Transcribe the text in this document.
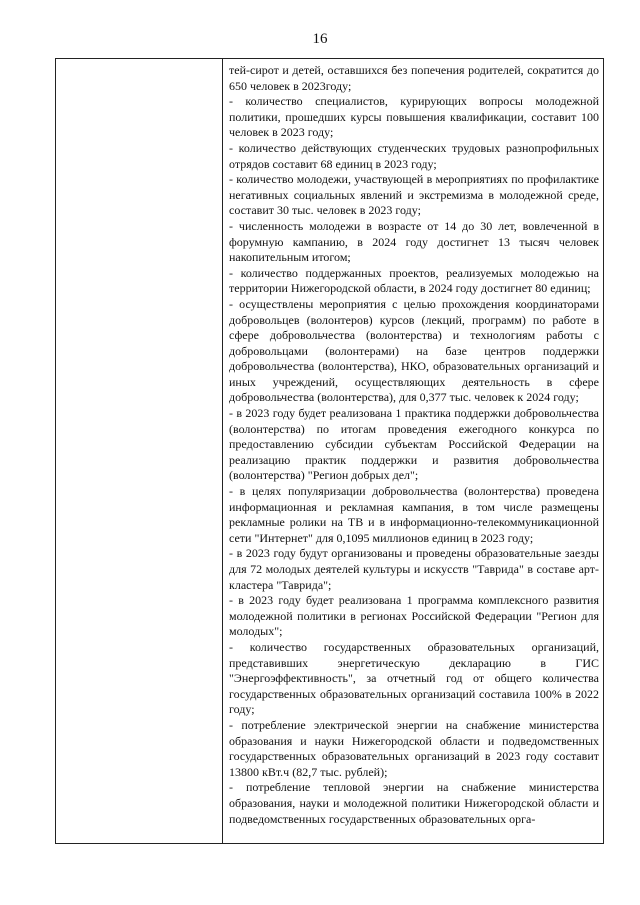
16

тей-сирот и детей, оставшихся без попечения родителей, сократится до 650 человек в 2023году;

- количество специалистов, курирующих вопросы молодежной политики, прошедших курсы повышения квалификации, составит 100 человек в 2023 году;

- количество действующих студенческих трудовых разнопрофильных отрядов составит 68 единиц в 2023 году;

- количество молодежи, участвующей в мероприятиях по профилактике негативных социальных явлений и экстремизма в молодежной среде, составит 30 тыс. человек в 2023 году;

- численность молодежи в возрасте от 14 до 30 лет, вовлеченной в форумную кампанию, в 2024 году достигнет 13 тысяч человек накопительным итогом;

- количество поддержанных проектов, реализуемых молодежью на территории Нижегородской области, в 2024 году достигнет 80 единиц;

- осуществлены мероприятия с целью прохождения координаторами добровольцев (волонтеров) курсов (лекций, программ) по работе в сфере добровольчества (волонтерства) и технологиям работы с добровольцами (волонтерами) на базе центров поддержки добровольчества (волонтерства), НКО, образовательных организаций и иных учреждений, осуществляющих деятельность в сфере добровольчества (волонтерства), для 0,377 тыс. человек к 2024 году;

- в 2023 году будет реализована 1 практика поддержки добровольчества (волонтерства) по итогам проведения ежегодного конкурса по предоставлению субсидии субъектам Российской Федерации на реализацию практик поддержки и развития добровольчества (волонтерства) "Регион добрых дел";

- в целях популяризации добровольчества (волонтерства) проведена информационная и рекламная кампания, в том числе размещены рекламные ролики на ТВ и в информационно-телекоммуникационной сети "Интернет" для 0,1095 миллионов единиц в 2023 году;

- в 2023 году будут организованы и проведены образовательные заезды для 72 молодых деятелей культуры и искусств "Таврида" в составе арт-кластера "Таврида";

- в 2023 году будет реализована 1 программа комплексного развития молодежной политики в регионах Российской Федерации "Регион для молодых";

- количество государственных образовательных организаций, представивших энергетическую декларацию в ГИС "Энергоэффективность", за отчетный год от общего количества государственных образовательных организаций составила 100% в 2022 году;

- потребление электрической энергии на снабжение министерства образования и науки Нижегородской области и подведомственных государственных образовательных организаций в 2023 году составит 13800 кВт.ч (82,7 тыс. рублей);

- потребление тепловой энергии на снабжение министерства образования, науки и молодежной политики Нижегородской области и подведомственных государственных образовательных орга-
